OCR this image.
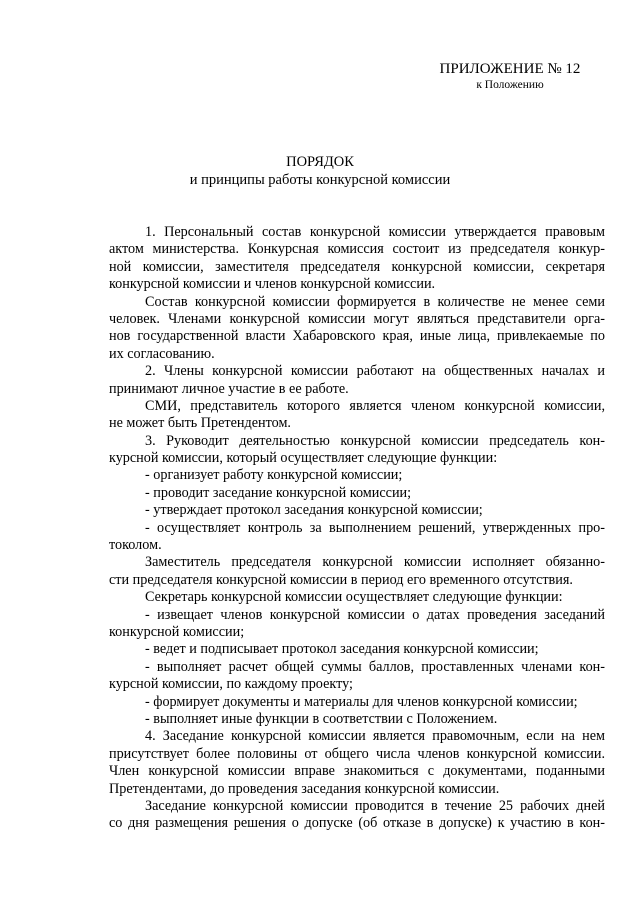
ПРИЛОЖЕНИЕ № 12
к Положению
ПОРЯДОК
и принципы работы конкурсной комиссии
1. Персональный состав конкурсной комиссии утверждается правовым
актом министерства. Конкурсная комиссия состоит из председателя конкур-
ной комиссии, заместителя председателя конкурсной комиссии, секретаря
конкурсной комиссии и членов конкурсной комиссии.
Состав конкурсной комиссии формируется в количестве не менее семи
человек. Членами конкурсной комиссии могут являться представители орга-
нов государственной власти Хабаровского края, иные лица, привлекаемые по
их согласованию.
2. Члены конкурсной комиссии работают на общественных началах и
принимают личное участие в ее работе.
СМИ, представитель которого является членом конкурсной комиссии,
не может быть Претендентом.
3. Руководит деятельностью конкурсной комиссии председатель кон-
курсной комиссии, который осуществляет следующие функции:
- организует работу конкурсной комиссии;
- проводит заседание конкурсной комиссии;
- утверждает протокол заседания конкурсной комиссии;
- осуществляет контроль за выполнением решений, утвержденных про-
токолом.
Заместитель председателя конкурсной комиссии исполняет обязанно-
сти председателя конкурсной комиссии в период его временного отсутствия.
Секретарь конкурсной комиссии осуществляет следующие функции:
- извещает членов конкурсной комиссии о датах проведения заседаний
конкурсной комиссии;
- ведет и подписывает протокол заседания конкурсной комиссии;
- выполняет расчет общей суммы баллов, проставленных членами кон-
курсной комиссии, по каждому проекту;
- формирует документы и материалы для членов конкурсной комиссии;
- выполняет иные функции в соответствии с Положением.
4. Заседание конкурсной комиссии является правомочным, если на нем
присутствует более половины от общего числа членов конкурсной комиссии.
Член конкурсной комиссии вправе знакомиться с документами, поданными
Претендентами, до проведения заседания конкурсной комиссии.
Заседание конкурсной комиссии проводится в течение 25 рабочих дней
со дня размещения решения о допуске (об отказе в допуске) к участию в кон-
